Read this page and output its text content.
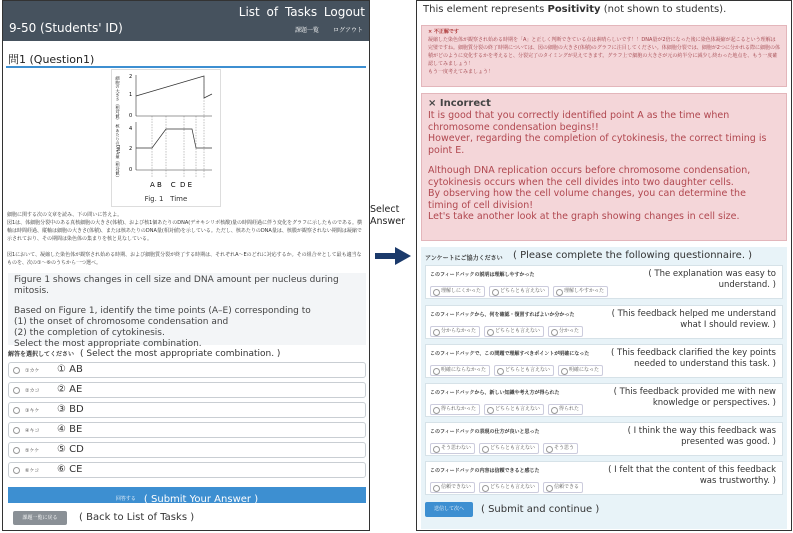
9-50 (Students' ID)
List of Tasks Logout
課題一覧 ログアウト
問1 (Question1)
細胞の大きさ（相対値）
核あたりのDNA量（相対値）
2
1
0
4
2
0
A B    C  D E
Fig. 1 Time
細胞に関する次の文章を読み、下の問いに答えよ。
図1は、体細胞分裂中のある真核細胞の大きさ(体積)、および核1個あたりのDNA(デオキシリボ核酸)量の時間経過に伴う変化をグラフに示したものである。横軸は時間経過、縦軸は細胞の大きさ(体積)、または核あたりのDNA量(相対値)を示している。ただし、核あたりのDNA量は、核膜が観察されない期間は凝縮で示されており、その期間は染色体の集まりを核と見なしている。
図1において、凝縮した染色体が観察され始める時期、および細胞質分裂が終了する時期は、それぞれA〜Eのどれに対応するか。その組合せとして最も適当なものを、次の①〜⑥のうちから一つ選べ。
Figure 1 shows changes in cell size and DNA amount per nucleus during mitosis.
Based on Figure 1, identify the time points (A–E) corresponding to
(1) the onset of chromosome condensation and
(2) the completion of cytokinesis.
Select the most appropriate combination.
解答を選択してください ( Select the most appropriate combination. )
①カケ ① AB
②カコ ② AE
③キケ ③ BD
④キコ ④ BE
⑤ケケ ⑤ CD
⑥ケコ ⑥ CE
回答する ( Submit Your Answer )
課題一覧に戻る	( Back to List of Tasks )
Select
Answer
This element represents Positivity (not shown to students).
× 不正解です
凝縮した染色体が観察され始める時期を「A」と正しく判断できている点は素晴らしいです！！DNA量が2倍になった後に染色体凝縮が起こるという理解は完璧ですね。細胞質分裂の終了時期については、図の細胞の大きさ(体積)のグラフに注目してください。体細胞分裂では、細胞が2つに分かれる際に細胞の体積がどのように変化するかを考えると、分裂完了のタイミングが見えてきます。グラフ上で細胞の大きさが元の約半分に減少し終わった地点を、もう一度確認してみましょう！
もう一度考えてみましょう！
× Incorrect
It is good that you correctly identified point A as the time when
chromosome condensation begins!!
However, regarding the completion of cytokinesis, the correct timing is
point E.
Although DNA replication occurs before chromosome condensation,
cytokinesis occurs when the cell divides into two daughter cells.
By observing how the cell volume changes, you can determine the
timing of cell division!
Let's take another look at the graph showing changes in cell size.
アンケートにご協力ください ( Please complete the following questionnaire. )
このフィードバックの説明は理解しやすかった	( The explanation was easy to understand. )
理解しにくかった	どちらとも言えない	理解しやすかった
このフィードバックから、何を確認・復習すればよいか分かった	( This feedback helped me understand what I should review. )
分からなかった	どちらとも言えない	分かった
このフィードバックで、この問題で理解すべきポイントが明確になった	( This feedback clarified the key points needed to understand this task. )
明確にならなかった	どちらとも言えない	明確になった
このフィードバックから、新しい知識や考え方が得られた	( This feedback provided me with new knowledge or perspectives. )
得られなかった	どちらとも言えない	得られた
このフィードバックの表現の仕方が良いと思った	( I think the way this feedback was presented was good. )
そう思わない	どちらとも言えない	そう思う
このフィードバックの内容は信頼できると感じた	( I felt that the content of this feedback was trustworthy. )
信頼できない	どちらとも言えない	信頼できる
送信して次へ	( Submit and continue )
